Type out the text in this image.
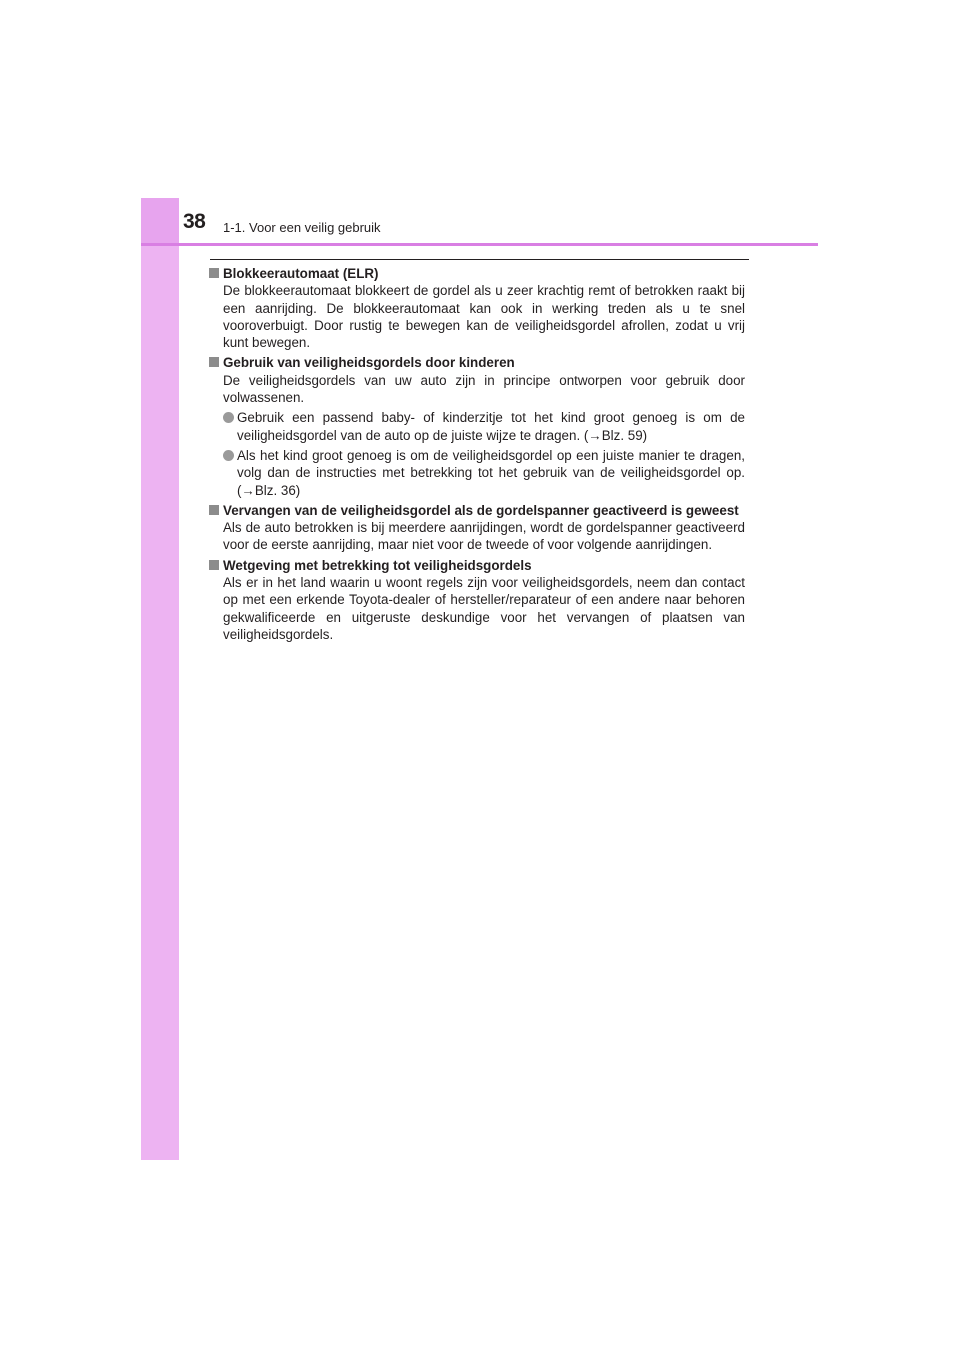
38 1-1. Voor een veilig gebruik
Blokkeerautomaat (ELR)

De blokkeerautomaat blokkeert de gordel als u zeer krachtig remt of betrokken raakt bij een aanrijding. De blokkeerautomaat kan ook in werking treden als u te snel vooroverbuigt. Door rustig te bewegen kan de veiligheidsgordel afrollen, zodat u vrij kunt bewegen.

Gebruik van veiligheidsgordels door kinderen

De veiligheidsgordels van uw auto zijn in principe ontworpen voor gebruik door volwassenen.

Gebruik een passend baby- of kinderzitje tot het kind groot genoeg is om de veiligheidsgordel van de auto op de juiste wijze te dragen. (→Blz. 59)

Als het kind groot genoeg is om de veiligheidsgordel op een juiste manier te dragen, volg dan de instructies met betrekking tot het gebruik van de veiligheidsgordel op. (→Blz. 36)

Vervangen van de veiligheidsgordel als de gordelspanner geactiveerd is geweest

Als de auto betrokken is bij meerdere aanrijdingen, wordt de gordelspanner geactiveerd voor de eerste aanrijding, maar niet voor de tweede of voor volgende aanrijdingen.

Wetgeving met betrekking tot veiligheidsgordels

Als er in het land waarin u woont regels zijn voor veiligheidsgordels, neem dan contact op met een erkende Toyota-dealer of hersteller/reparateur of een andere naar behoren gekwalificeerde en uitgeruste deskundige voor het vervangen of plaatsen van veiligheidsgordels.
